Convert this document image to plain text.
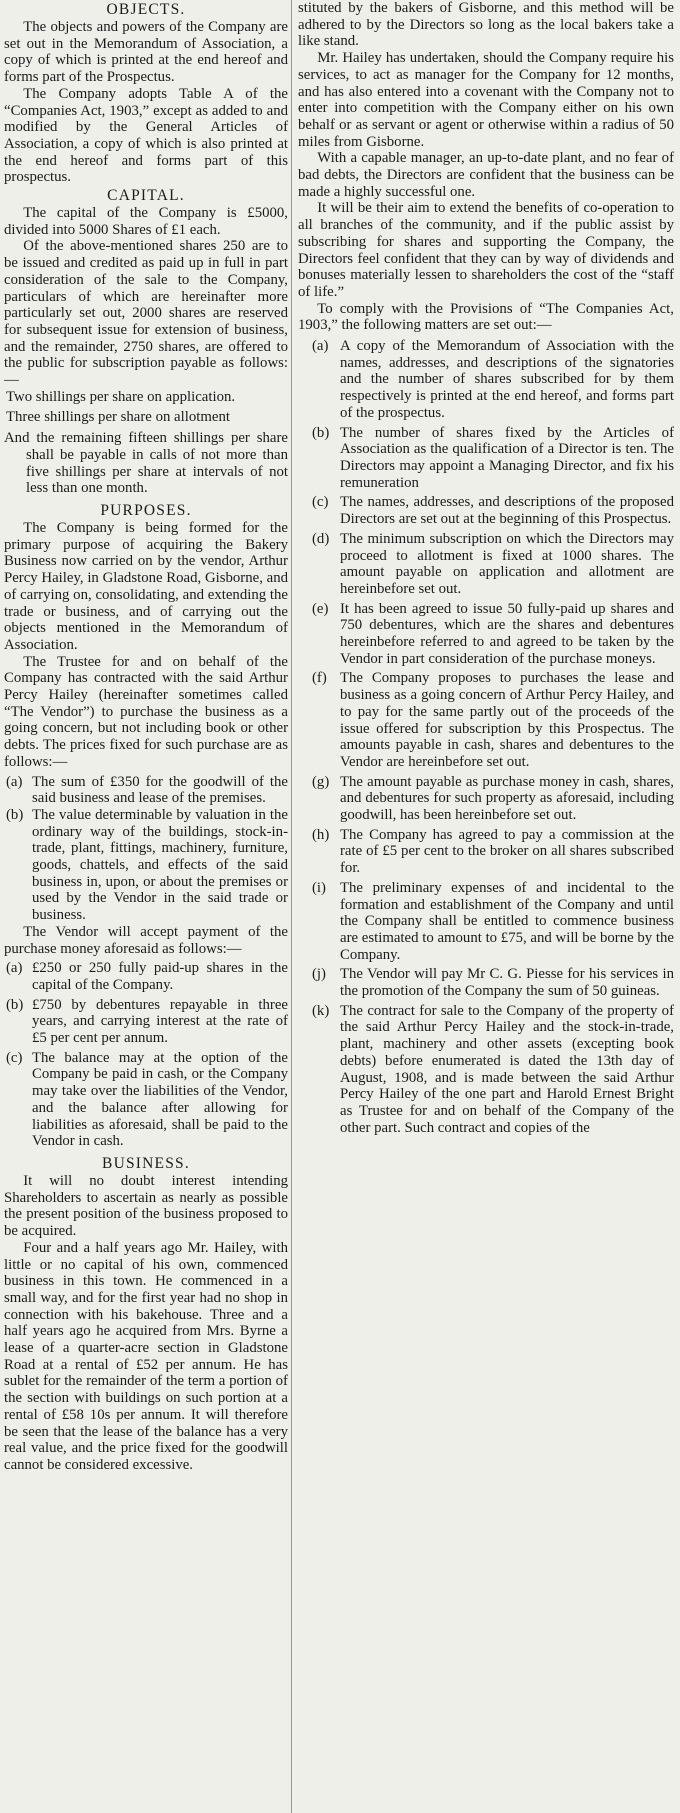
OBJECTS.

The objects and powers of the Company are set out in the Memorandum of Association, a copy of which is printed at the end hereof and forms part of the Prospectus.

The Company adopts Table A of the “Companies Act, 1903,” except as added to and modified by the General Articles of Association, a copy of which is also printed at the end hereof and forms part of this prospectus.

CAPITAL.

The capital of the Company is £5000, divided into 5000 Shares of £1 each.

Of the above-mentioned shares 250 are to be issued and credited as paid up in full in part consideration of the sale to the Company, particulars of which are hereinafter more particularly set out, 2000 shares are reserved for subsequent issue for extension of business, and the remainder, 2750 shares, are offered to the public for subscription payable as follows:—

Two shillings per share on application.

Three shillings per share on allotment

And the remaining fifteen shillings per share shall be payable in calls of not more than five shillings per share at intervals of not less than one month.

PURPOSES.

The Company is being formed for the primary purpose of acquiring the Bakery Business now carried on by the vendor, Arthur Percy Hailey, in Gladstone Road, Gisborne, and of carrying on, consolidating, and extending the trade or business, and of carrying out the objects mentioned in the Memorandum of Association.

The Trustee for and on behalf of the Company has contracted with the said Arthur Percy Hailey (hereinafter sometimes called “The Vendor”) to purchase the business as a going concern, but not including book or other debts. The prices fixed for such purchase are as follows:—

(a) The sum of £350 for the goodwill of the said business and lease of the premises.
(b) The value determinable by valuation in the ordinary way of the buildings, stock-in-trade, plant, fittings, machinery, furniture, goods, chattels, and effects of the said business in, upon, or about the premises or used by the Vendor in the said trade or business.

The Vendor will accept payment of the purchase money aforesaid as follows:—

(a) £250 or 250 fully paid-up shares in the capital of the Company.
(b) £750 by debentures repayable in three years, and carrying interest at the rate of £5 per cent per annum.
(c) The balance may at the option of the Company be paid in cash, or the Company may take over the liabilities of the Vendor, and the balance after allowing for liabilities as aforesaid, shall be paid to the Vendor in cash.
BUSINESS.

It will no doubt interest intending Shareholders to ascertain as nearly as possible the present position of the business proposed to be acquired.

Four and a half years ago Mr. Hailey, with little or no capital of his own, commenced business in this town. He commenced in a small way, and for the first year had no shop in connection with his bakehouse. Three and a half years ago he acquired from Mrs. Byrne a lease of a quarter-acre section in Gladstone Road at a rental of £52 per annum. He has sublet for the remainder of the term a portion of the section with buildings on such portion at a rental of £58 10s per annum. It will therefore be seen that the lease of the balance has a very real value, and the price fixed for the goodwill cannot be considered excessive.

stituted by the bakers of Gisborne, and this method will be adhered to by the Directors so long as the local bakers take a like stand.

Mr. Hailey has undertaken, should the Company require his services, to act as manager for the Company for 12 months, and has also entered into a covenant with the Company not to enter into competition with the Company either on his own behalf or as servant or agent or otherwise within a radius of 50 miles from Gisborne.

With a capable manager, an up-to-date plant, and no fear of bad debts, the Directors are confident that the business can be made a highly successful one.

It will be their aim to extend the benefits of co-operation to all branches of the community, and if the public assist by subscribing for shares and supporting the Company, the Directors feel confident that they can by way of dividends and bonuses materially lessen to shareholders the cost of the “staff of life.”

To comply with the Provisions of “The Companies Act, 1903,” the following matters are set out:—

(a) A copy of the Memorandum of Association with the names, addresses, and descriptions of the signatories and the number of shares subscribed for by them respectively is printed at the end hereof, and forms part of the prospectus.
(b) The number of shares fixed by the Articles of Association as the qualification of a Director is ten. The Directors may appoint a Managing Director, and fix his remuneration
(c) The names, addresses, and descriptions of the proposed Directors are set out at the beginning of this Prospectus.
(d) The minimum subscription on which the Directors may proceed to allotment is fixed at 1000 shares. The amount payable on application and allotment are hereinbefore set out.
(e) It has been agreed to issue 50 fully-paid up shares and 750 debentures, which are the shares and debentures hereinbefore referred to and agreed to be taken by the Vendor in part consideration of the purchase moneys.
(f) The Company proposes to purchases the lease and business as a going concern of Arthur Percy Hailey, and to pay for the same partly out of the proceeds of the issue offered for subscription by this Prospectus. The amounts payable in cash, shares and debentures to the Vendor are hereinbefore set out.
(g) The amount payable as purchase money in cash, shares, and debentures for such property as aforesaid, including goodwill, has been hereinbefore set out.
(h) The Company has agreed to pay a commission at the rate of £5 per cent to the broker on all shares subscribed for.
(i) The preliminary expenses of and incidental to the formation and establishment of the Company and until the Company shall be entitled to commence business are estimated to amount to £75, and will be borne by the Company.
(j) The Vendor will pay Mr C. G. Piesse for his services in the promotion of the Company the sum of 50 guineas.
(k) The contract for sale to the Company of the property of the said Arthur Percy Hailey and the stock-in-trade, plant, machinery and other assets (excepting book debts) before enumerated is dated the 13th day of August, 1908, and is made between the said Arthur Percy Hailey of the one part and Harold Ernest Bright as Trustee for and on behalf of the Company of the other part. Such contract and copies of the
